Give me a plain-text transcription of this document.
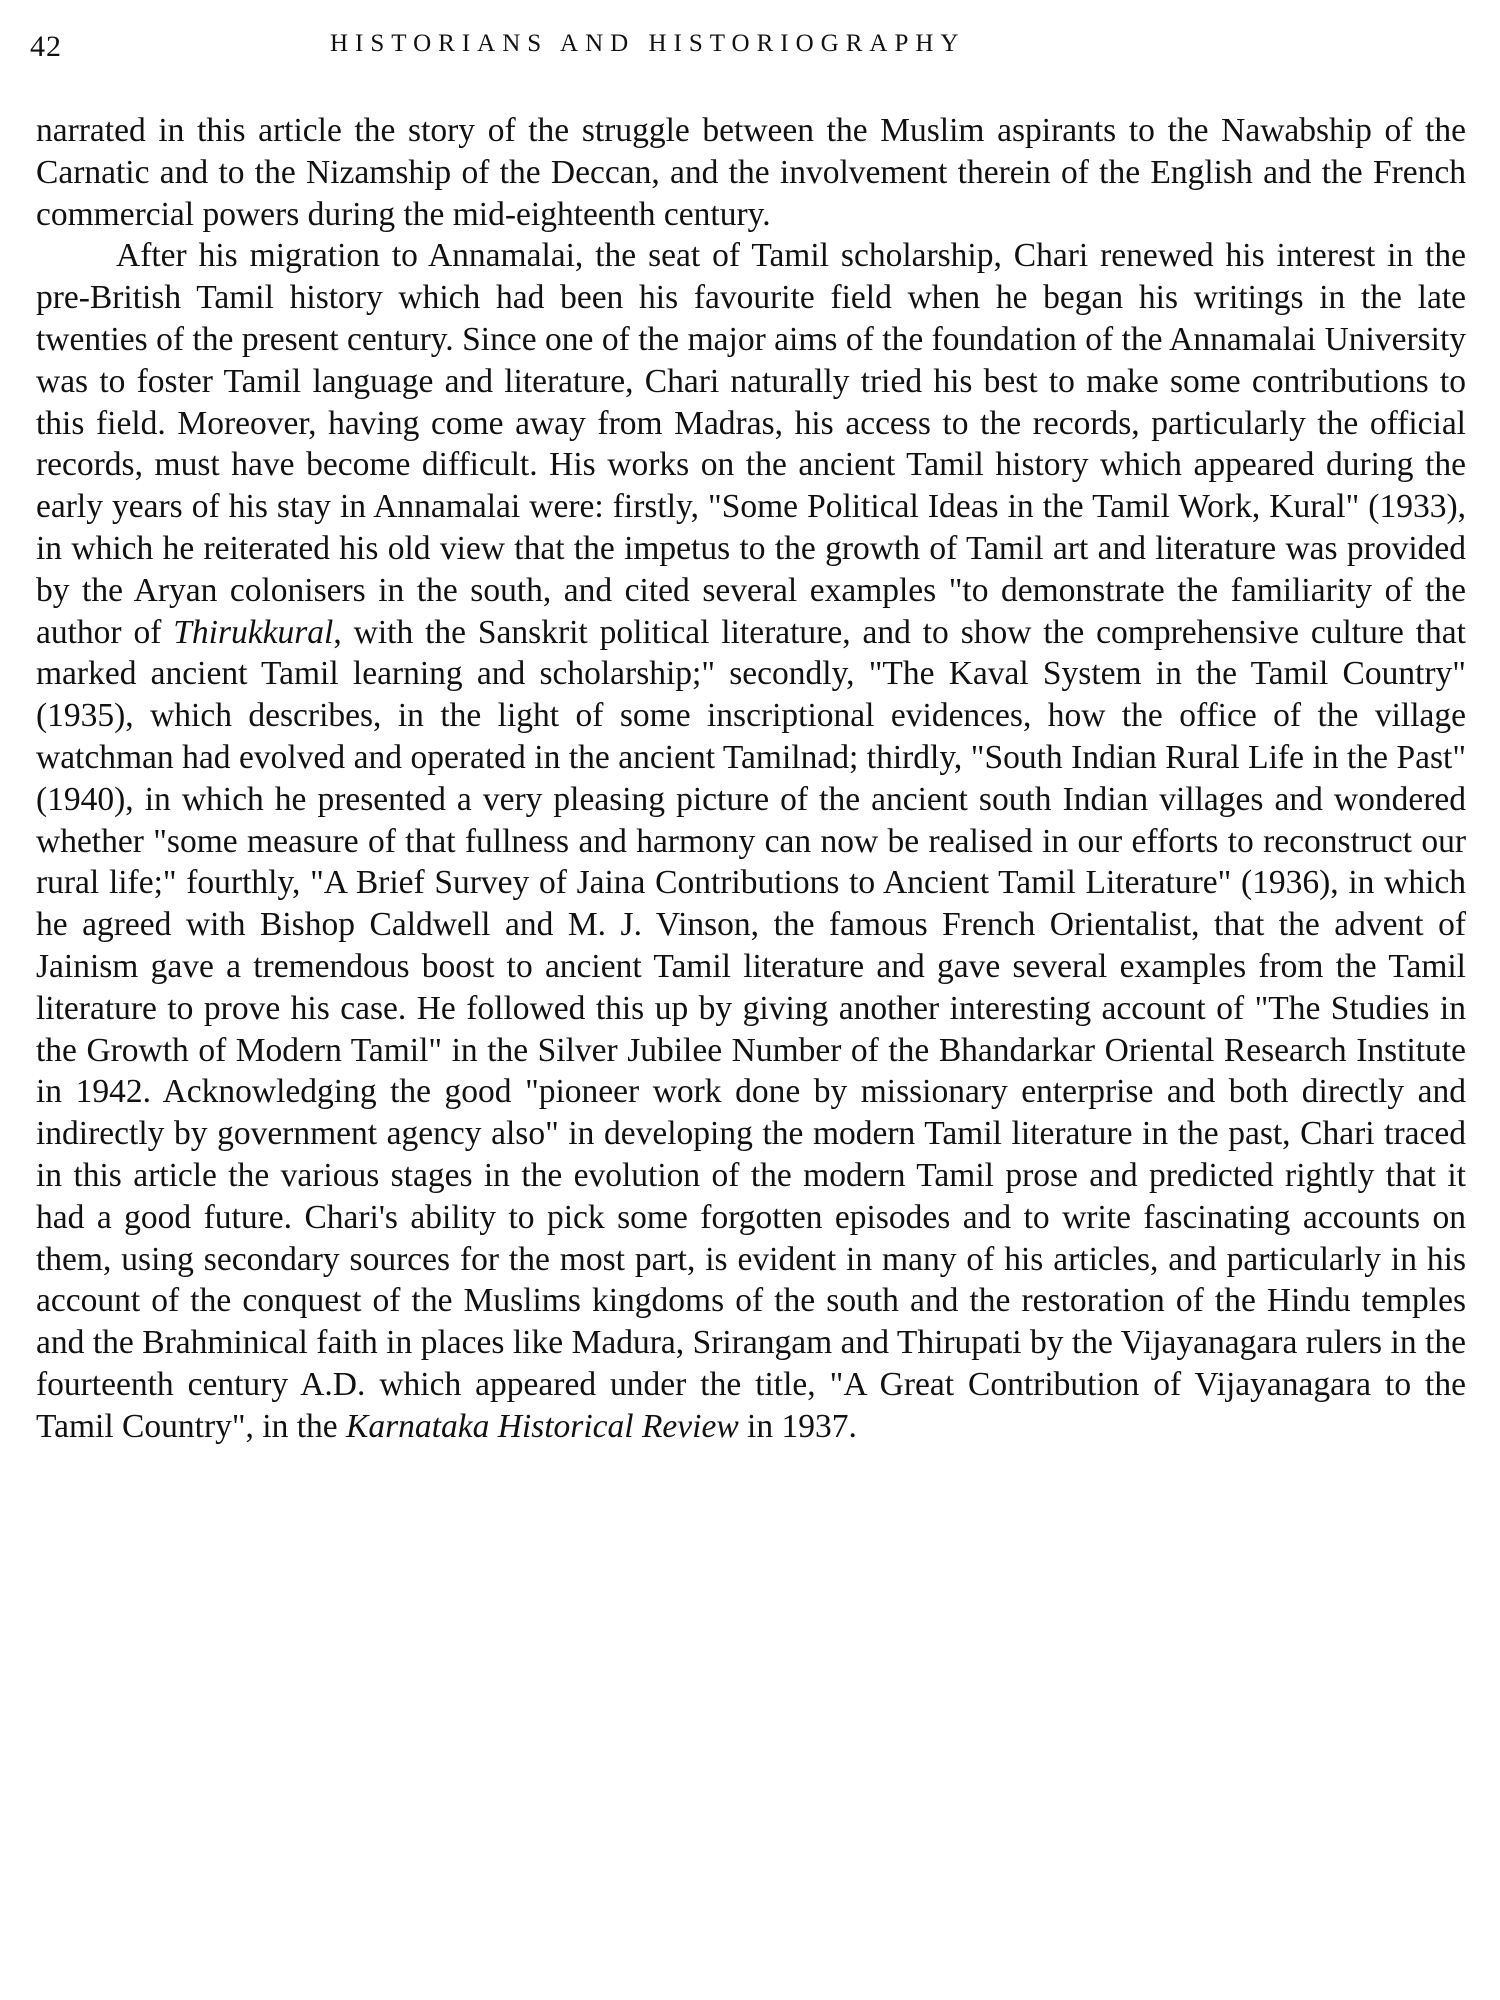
42	HISTORIANS AND HISTORIOGRAPHY

narrated in this article the story of the struggle between the Muslim aspirants to the Nawabship of the Carnatic and to the Nizamship of the Deccan, and the involvement therein of the English and the French commercial powers during the mid-eighteenth century.

After his migration to Annamalai, the seat of Tamil scholarship, Chari renewed his interest in the pre-British Tamil history which had been his favourite field when he began his writings in the late twenties of the present century. Since one of the major aims of the foundation of the Annamalai University was to foster Tamil language and literature, Chari naturally tried his best to make some contributions to this field. Moreover, having come away from Madras, his access to the records, particularly the official records, must have become difficult. His works on the ancient Tamil history which appeared during the early years of his stay in Annamalai were: firstly, "Some Political Ideas in the Tamil Work, Kural" (1933), in which he reiterated his old view that the impetus to the growth of Tamil art and literature was provided by the Aryan colonisers in the south, and cited several examples "to demonstrate the familiarity of the author of Thirukkural, with the Sanskrit political literature, and to show the comprehensive culture that marked ancient Tamil learning and scholarship;" secondly, "The Kaval System in the Tamil Country" (1935), which describes, in the light of some inscriptional evidences, how the office of the village watchman had evolved and operated in the ancient Tamilnad; thirdly, "South Indian Rural Life in the Past" (1940), in which he presented a very pleasing picture of the ancient south Indian villages and wondered whether "some measure of that fullness and harmony can now be realised in our efforts to reconstruct our rural life;" fourthly, "A Brief Survey of Jaina Contributions to Ancient Tamil Literature" (1936), in which he agreed with Bishop Caldwell and M. J. Vinson, the famous French Orientalist, that the advent of Jainism gave a tremendous boost to ancient Tamil literature and gave several examples from the Tamil literature to prove his case. He followed this up by giving another interesting account of "The Studies in the Growth of Modern Tamil" in the Silver Jubilee Number of the Bhandarkar Oriental Research Institute in 1942. Acknowledging the good "pioneer work done by missionary enterprise and both directly and indirectly by government agency also" in developing the modern Tamil literature in the past, Chari traced in this article the various stages in the evolution of the modern Tamil prose and predicted rightly that it had a good future. Chari's ability to pick some forgotten episodes and to write fascinating accounts on them, using secondary sources for the most part, is evident in many of his articles, and particularly in his account of the conquest of the Muslims kingdoms of the south and the restoration of the Hindu temples and the Brahminical faith in places like Madura, Srirangam and Thirupati by the Vijayanagara rulers in the fourteenth century A.D. which appeared under the title, "A Great Contribution of Vijayanagara to the Tamil Country", in the Karnataka Historical Review in 1937.
